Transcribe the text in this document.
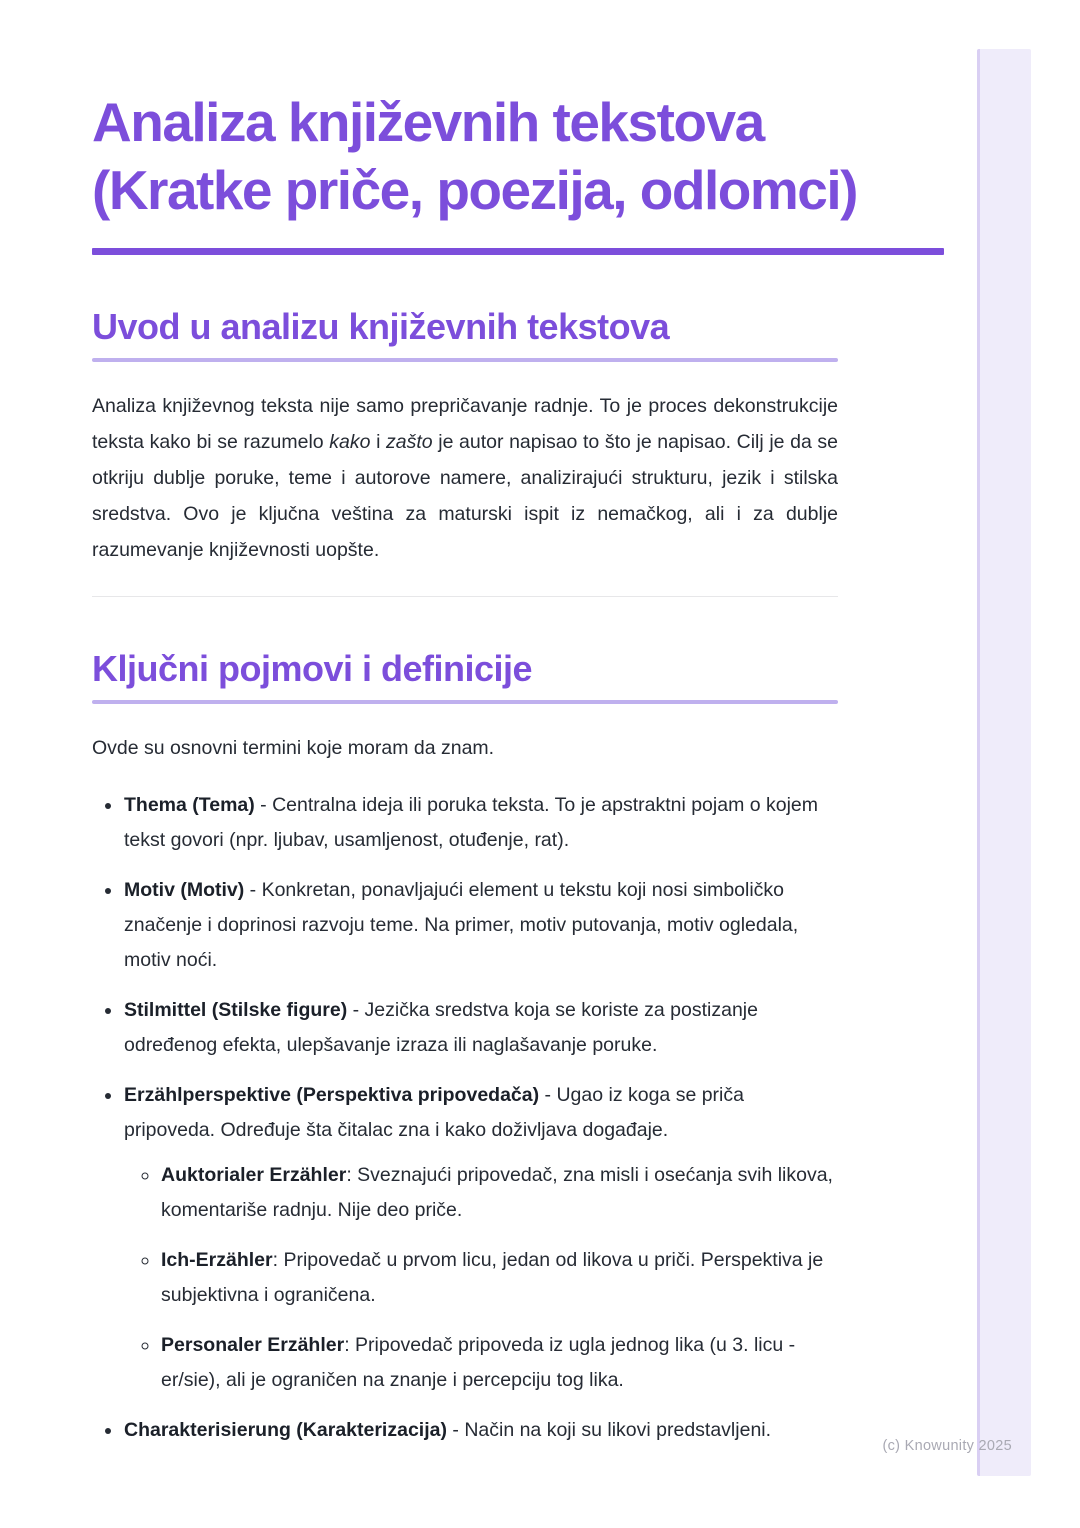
Analiza književnih tekstova (Kratke priče, poezija, odlomci)
Uvod u analizu književnih tekstova

Analiza književnog teksta nije samo prepričavanje radnje. To je proces dekonstrukcije teksta kako bi se razumelo kako i zašto je autor napisao to što je napisao. Cilj je da se otkriju dublje poruke, teme i autorove namere, analizirajući strukturu, jezik i stilska sredstva. Ovo je ključna veština za maturski ispit iz nemačkog, ali i za dublje razumevanje književnosti uopšte.

Ključni pojmovi i definicije

Ovde su osnovni termini koje moram da znam.

• Thema (Tema) - Centralna ideja ili poruka teksta. To je apstraktni pojam o kojem tekst govori (npr. ljubav, usamljenost, otuđenje, rat).
• Motiv (Motiv) - Konkretan, ponavljajući element u tekstu koji nosi simboličko značenje i doprinosi razvoju teme. Na primer, motiv putovanja, motiv ogledala, motiv noći.
• Stilmittel (Stilske figure) - Jezička sredstva koja se koriste za postizanje određenog efekta, ulepšavanje izraza ili naglašavanje poruke.
• Erzählperspektive (Perspektiva pripovedača) - Ugao iz koga se priča pripoveda. Određuje šta čitalac zna i kako doživljava događaje.
◦ Auktorialer Erzähler: Sveznajući pripovedač, zna misli i osećanja svih likova, komentariše radnju. Nije deo priče.
◦ Ich-Erzähler: Pripovedač u prvom licu, jedan od likova u priči. Perspektiva je subjektivna i ograničena.
◦ Personaler Erzähler: Pripovedač pripoveda iz ugla jednog lika (u 3. licu - er/sie), ali je ograničen na znanje i percepciju tog lika.
• Charakterisierung (Karakterizacija) - Način na koji su likovi predstavljeni.
(c) Knowunity 2025
